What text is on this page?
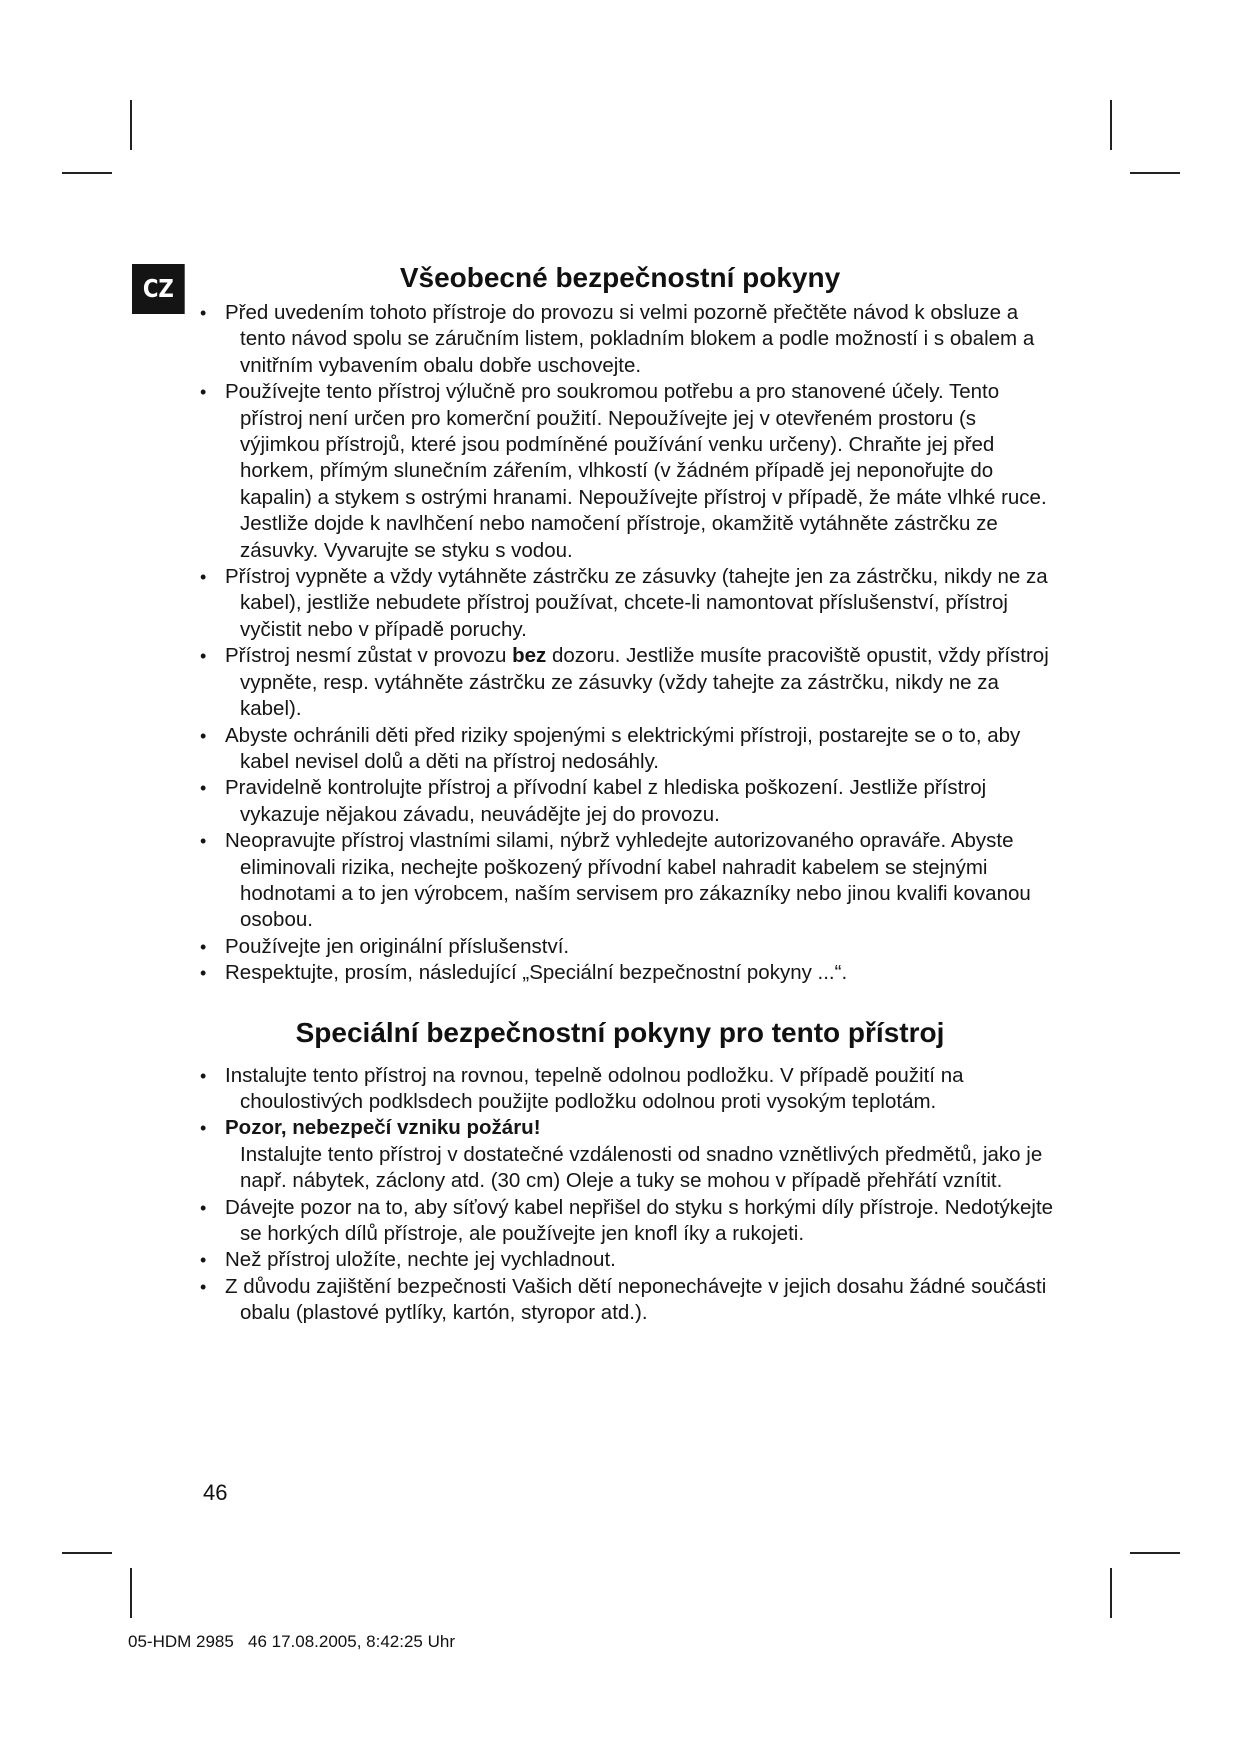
CZ	Všeobecné bezpečnostní pokyny
• Před uvedením tohoto přístroje do provozu si velmi pozorně přečtěte návod k obsluze a tento návod spolu se záručním listem, pokladním blokem a podle možností i s obalem a vnitřním vybavením obalu dobře uschovejte.
• Používejte tento přístroj výlučně pro soukromou potřebu a pro stanovené účely. Tento přístroj není určen pro komerční použití. Nepoužívejte jej v otevřeném prostoru (s výjimkou přístrojů, které jsou podmíněné používání venku určeny). Chraňte jej před horkem, přímým slunečním zářením, vlhkostí (v žádném případě jej neponořujte do kapalin) a stykem s ostrými hranami. Nepoužívejte přístroj v případě, že máte vlhké ruce. Jestliže dojde k navlhčení nebo namočení přístroje, okamžitě vytáhněte zástrčku ze zásuvky. Vyvarujte se styku s vodou.
• Přístroj vypněte a vždy vytáhněte zástrčku ze zásuvky (tahejte jen za zástrčku, nikdy ne za kabel), jestliže nebudete přístroj používat, chcete-li namontovat příslušenství, přístroj vyčistit nebo v případě poruchy.
• Přístroj nesmí zůstat v provozu bez dozoru. Jestliže musíte pracoviště opustit, vždy přístroj vypněte, resp. vytáhněte zástrčku ze zásuvky (vždy tahejte za zástrčku, nikdy ne za kabel).
• Abyste ochránili děti před riziky spojenými s elektrickými přístroji, postarejte se o to, aby kabel nevisel dolů a děti na přístroj nedosáhly.
• Pravidelně kontrolujte přístroj a přívodní kabel z hlediska poškození. Jestliže přístroj vykazuje nějakou závadu, neuvádějte jej do provozu.
• Neopravujte přístroj vlastními silami, nýbrž vyhledejte autorizovaného opraváře. Abyste eliminovali rizika, nechejte poškozený přívodní kabel nahradit kabelem se stejnými hodnotami a to jen výrobcem, naším servisem pro zákazníky nebo jinou kvalifi kovanou osobou.
• Používejte jen originální příslušenství.
• Respektujte, prosím, následující „Speciální bezpečnostní pokyny ...“.
Speciální bezpečnostní pokyny pro tento přístroj
• Instalujte tento přístroj na rovnou, tepelně odolnou podložku. V případě použití na choulostivých podklsdech použijte podložku odolnou proti vysokým teplotám.
• Pozor, nebezpečí vzniku požáru!
Instalujte tento přístroj v dostatečné vzdálenosti od snadno vznětlivých předmětů, jako je např. nábytek, záclony atd. (30 cm) Oleje a tuky se mohou v případě přehřátí vznítit.
• Dávejte pozor na to, aby síťový kabel nepřišel do styku s horkými díly přístroje. Nedotýkejte se horkých dílů přístroje, ale používejte jen knofl íky a rukojeti.
• Než přístroj uložíte, nechte jej vychladnout.
• Z důvodu zajištění bezpečnosti Vašich dětí neponechávejte v jejich dosahu žádné součásti obalu (plastové pytlíky, kartón, styropor atd.).
46
05-HDM 2985   46 17.08.2005, 8:42:25 Uhr
